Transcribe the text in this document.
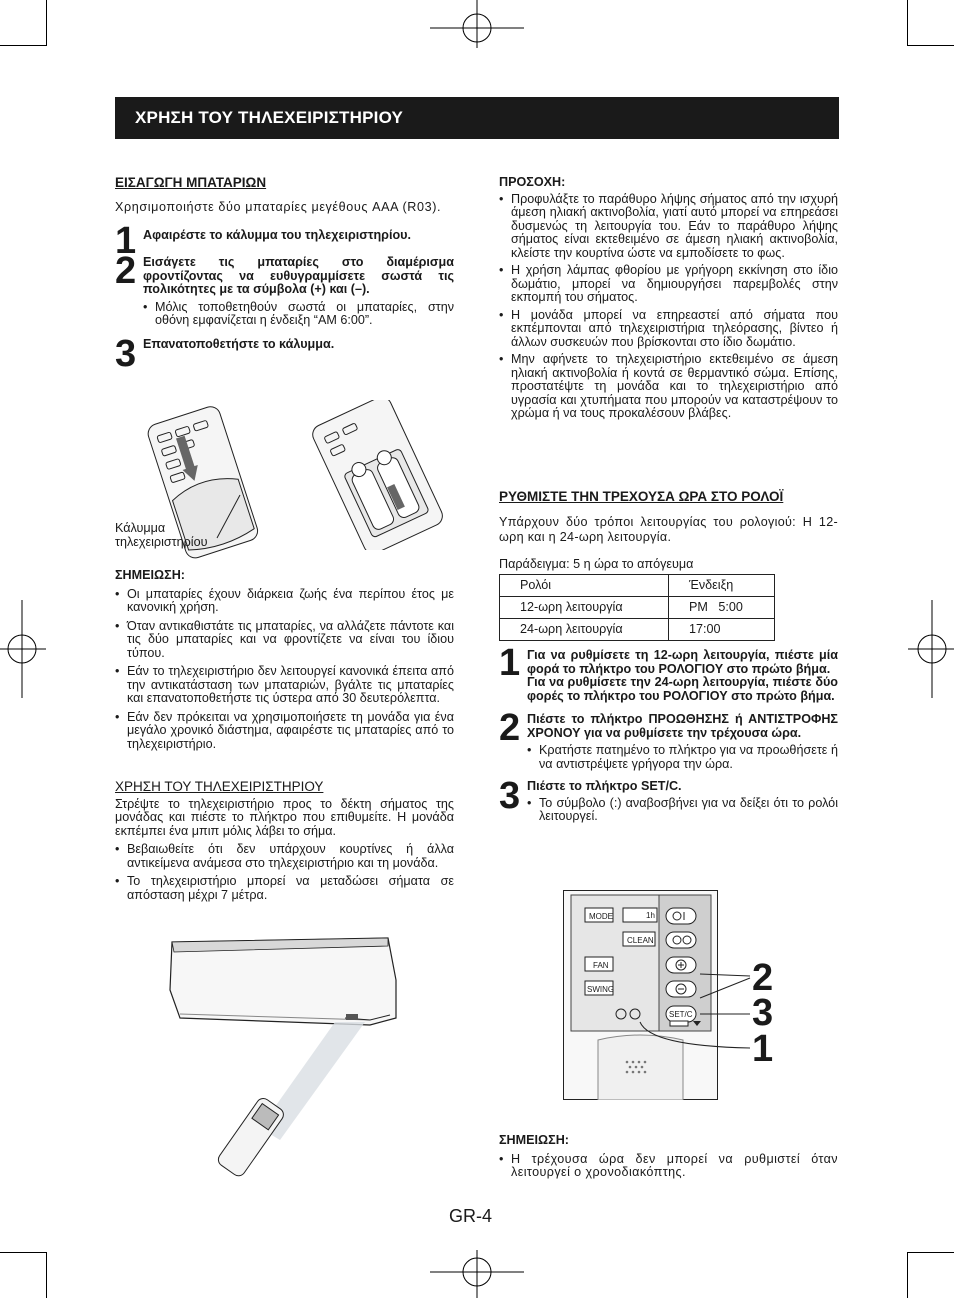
ΧΡΗΣΗ ΤΟΥ ΤΗΛΕΧΕΙΡΙΣΤΗΡΙΟΥ
ΕΙΣΑΓΩΓΗ ΜΠΑΤΑΡΙΩΝ
Χρησιμοποιήστε δύο μπαταρίες μεγέθους AAA (R03).
1 Αφαιρέστε το κάλυμμα του τηλεχειριστηρίου.
2 Εισάγετε τις μπαταρίες στο διαμέρισμα φροντίζοντας να ευθυγραμμίσετε σωστά τις πολικότητες με τα σύμβολα (+) και (–).
• Μόλις τοποθετηθούν σωστά οι μπαταρίες, στην οθόνη εμφανίζεται η ένδειξη “AM 6:00”.
3 Επανατοποθετήστε το κάλυμμα.
Κάλυμμα
τηλεχειριστηρίου
ΣΗΜΕΙΩΣΗ:
• Οι μπαταρίες έχουν διάρκεια ζωής ένα περίπου έτος με κανονική χρήση.
• Όταν αντικαθιστάτε τις μπαταρίες, να αλλάζετε πάντοτε και τις δύο μπαταρίες και να φροντίζετε να είναι του ίδιου τύπου.
• Εάν το τηλεχειριστήριο δεν λειτουργεί κανονικά έπειτα από την αντικατάσταση των μπαταριών, βγάλτε τις μπαταρίες και επανατοποθετήστε τις ύστερα από 30 δευτερόλεπτα.
• Εάν δεν πρόκειται να χρησιμοποιήσετε τη μονάδα για ένα μεγάλο χρονικό διάστημα, αφαιρέστε τις μπαταρίες από το τηλεχειριστήριο.
ΧΡΗΣΗ ΤΟΥ ΤΗΛΕΧΕΙΡΙΣΤΗΡΙΟΥ
Στρέψτε το τηλεχειριστήριο προς το δέκτη σήματος της μονάδας και πιέστε το πλήκτρο που επιθυμείτε. Η μονάδα εκπέμπει ένα μπιπ μόλις λάβει το σήμα.
• Βεβαιωθείτε ότι δεν υπάρχουν κουρτίνες ή άλλα αντικείμενα ανάμεσα στο τηλεχειριστήριο και τη μονάδα.
• Το τηλεχειριστήριο μπορεί να μεταδώσει σήματα σε απόσταση μέχρι 7 μέτρα.
ΠΡΟΣΟΧΗ:
• Προφυλάξτε το παράθυρο λήψης σήματος από την ισχυρή άμεση ηλιακή ακτινοβολία, γιατί αυτό μπορεί να επηρεάσει δυσμενώς τη λειτουργία του. Εάν το παράθυρο λήψης σήματος είναι εκτεθειμένο σε άμεση ηλιακή ακτινοβολία, κλείστε την κουρτίνα ώστε να εμποδίσετε το φως.
• Η χρήση λάμπας φθορίου με γρήγορη εκκίνηση στο ίδιο δωμάτιο, μπορεί να δημιουργήσει παρεμβολές στην εκπομπή του σήματος.
• Η μονάδα μπορεί να επηρεαστεί από σήματα που εκπέμπονται από τηλεχειριστήρια τηλεόρασης, βίντεο ή άλλων συσκευών που βρίσκονται στο ίδιο δωμάτιο.
• Μην αφήνετε το τηλεχειριστήριο εκτεθειμένο σε άμεση ηλιακή ακτινοβολία ή κοντά σε θερμαντικό σώμα. Επίσης, προστατέψτε τη μονάδα και το τηλεχειριστήριο από υγρασία και χτυπήματα που μπορούν να καταστρέψουν το χρώμα ή να τους προκαλέσουν βλάβες.
ΡΥΘΜΙΣΤΕ ΤΗΝ ΤΡΕΧΟΥΣΑ ΩΡΑ ΣΤΟ ΡΟΛΟΪ
Υπάρχουν δύο τρόποι λειτουργίας του ρολογιού: Η 12-ωρη και η 24-ωρη λειτουργία.
Παράδειγμα: 5 η ώρα το απόγευμα
Ρολόι	Ένδειξη
12-ωρη λειτουργία	PM   5:00
24-ωρη λειτουργία	17:00
1 Για να ρυθμίσετε τη 12-ωρη λειτουργία, πιέστε μία φορά το πλήκτρο του ΡΟΛΟΓΙΟΥ στο πρώτο βήμα.
Για να ρυθμίσετε την 24-ωρη λειτουργία, πιέστε δύο φορές το πλήκτρο του ΡΟΛΟΓΙΟΥ στο πρώτο βήμα.
2 Πιέστε το πλήκτρο ΠΡΟΩΘΗΣΗΣ ή ΑΝΤΙΣΤΡΟΦΗΣ ΧΡΟΝΟΥ για να ρυθμίσετε την τρέχουσα ώρα.
• Κρατήστε πατημένο το πλήκτρο για να προωθήσετε ή να αντιστρέψετε γρήγορα την ώρα.
3 Πιέστε το πλήκτρο SET/C.
• Το σύμβολο (:) αναβοσβήνει για να δείξει ότι το ρολόι λειτουργεί.
MODE	1h
CLEAN
FAN
SWING
SET/C
2
3
1
ΣΗΜΕΙΩΣΗ:
• Η τρέχουσα ώρα δεν μπορεί να ρυθμιστεί όταν λειτουργεί ο χρονοδιακόπτης.
GR-4
